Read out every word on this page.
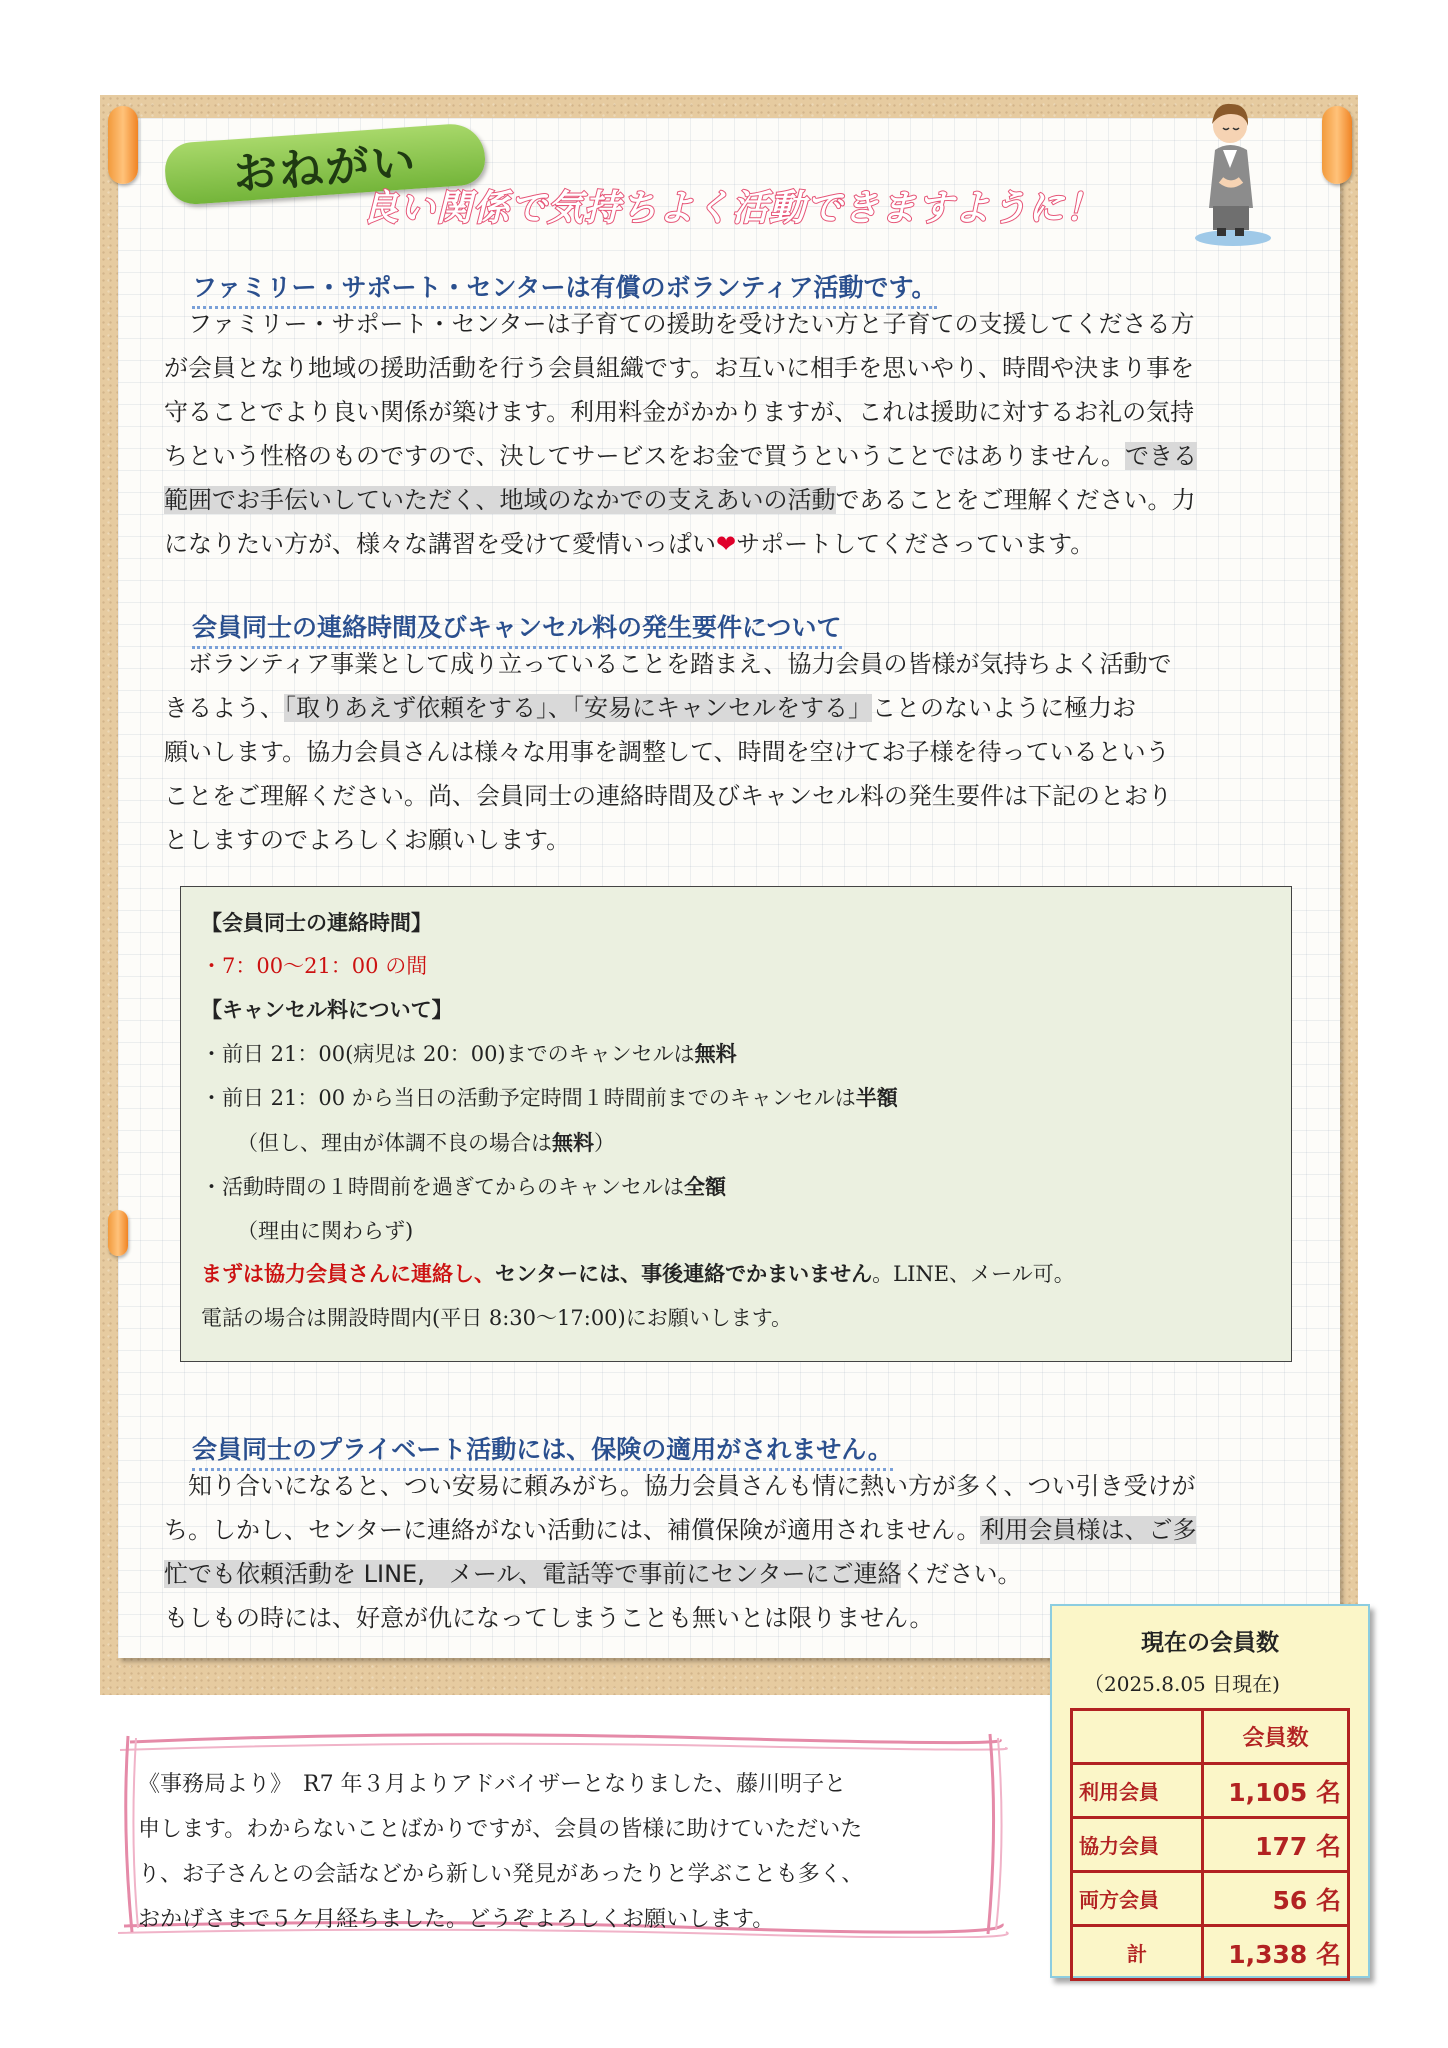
おねがい
良い関係で気持ちよく活動できますように！
ファミリー・サポート・センターは有償のボランティア活動です。

　ファミリー・サポート・センターは子育ての援助を受けたい方と子育ての支援してくださる方

が会員となり地域の援助活動を行う会員組織です。お互いに相手を思いやり、時間や決まり事を

守ることでより良い関係が築けます。利用料金がかかりますが、これは援助に対するお礼の気持

ちという性格のものですので、決してサービスをお金で買うということではありません。できる

範囲でお手伝いしていただく、地域のなかでの支えあいの活動であることをご理解ください。力

になりたい方が、様々な講習を受けて愛情いっぱい❤サポートしてくださっています。

会員同士の連絡時間及びキャンセル料の発生要件について

　ボランティア事業として成り立っていることを踏まえ、協力会員の皆様が気持ちよく活動で

きるよう、「取りあえず依頼をする」、「安易にキャンセルをする」ことのないように極力お

願いします。協力会員さんは様々な用事を調整して、時間を空けてお子様を待っているという

ことをご理解ください。尚、会員同士の連絡時間及びキャンセル料の発生要件は下記のとおり

としますのでよろしくお願いします。

【会員同士の連絡時間】
・7：00～21：00 の間
【キャンセル料について】
・前日 21：00(病児は 20：00)までのキャンセルは無料
・前日 21：00 から当日の活動予定時間１時間前までのキャンセルは半額
（但し、理由が体調不良の場合は無料）
・活動時間の１時間前を過ぎてからのキャンセルは全額
（理由に関わらず)
まずは協力会員さんに連絡し、センターには、事後連絡でかまいません。LINE、メール可。
電話の場合は開設時間内(平日 8:30～17:00)にお願いします。
会員同士のプライベート活動には、保険の適用がされません。

　知り合いになると、つい安易に頼みがち。協力会員さんも情に熱い方が多く、つい引き受けが

ち。しかし、センターに連絡がない活動には、補償保険が適用されません。利用会員様は、ご多

忙でも依頼活動を LINE,　メール、電話等で事前にセンターにご連絡ください。

もしもの時には、好意が仇になってしまうことも無いとは限りません。

《事務局より》　R7 年３月よりアドバイザーとなりました、藤川明子と
申します。わからないことばかりですが、会員の皆様に助けていただいた
り、お子さんとの会話などから新しい発見があったりと学ぶことも多く、
おかげさまで５ケ月経ちました。どうぞよろしくお願いします。
現在の会員数
（2025.8.05 日現在)
	会員数
利用会員	1,105 名
協力会員	177 名
両方会員	56 名
計	1,338 名
